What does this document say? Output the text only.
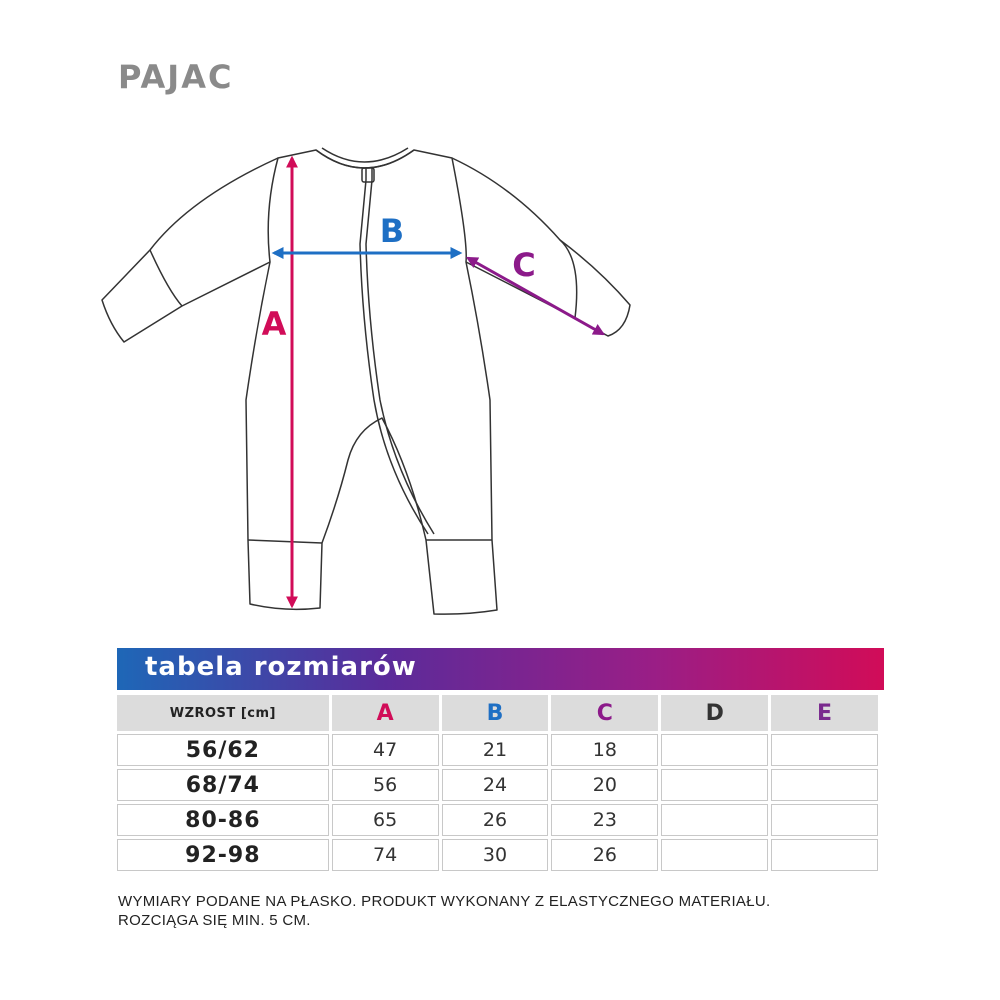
PAJAC
A
B
C
tabela rozmiarów
WZROST [cm]	A	B	C	D	E
56/62	47	21	18		
68/74	56	24	20		
80-86	65	26	23		
92-98	74	30	26		
WYMIARY PODANE NA PŁASKO. PRODUKT WYKONANY Z ELASTYCZNEGO MATERIAŁU.
ROZCIĄGA SIĘ MIN. 5 CM.
